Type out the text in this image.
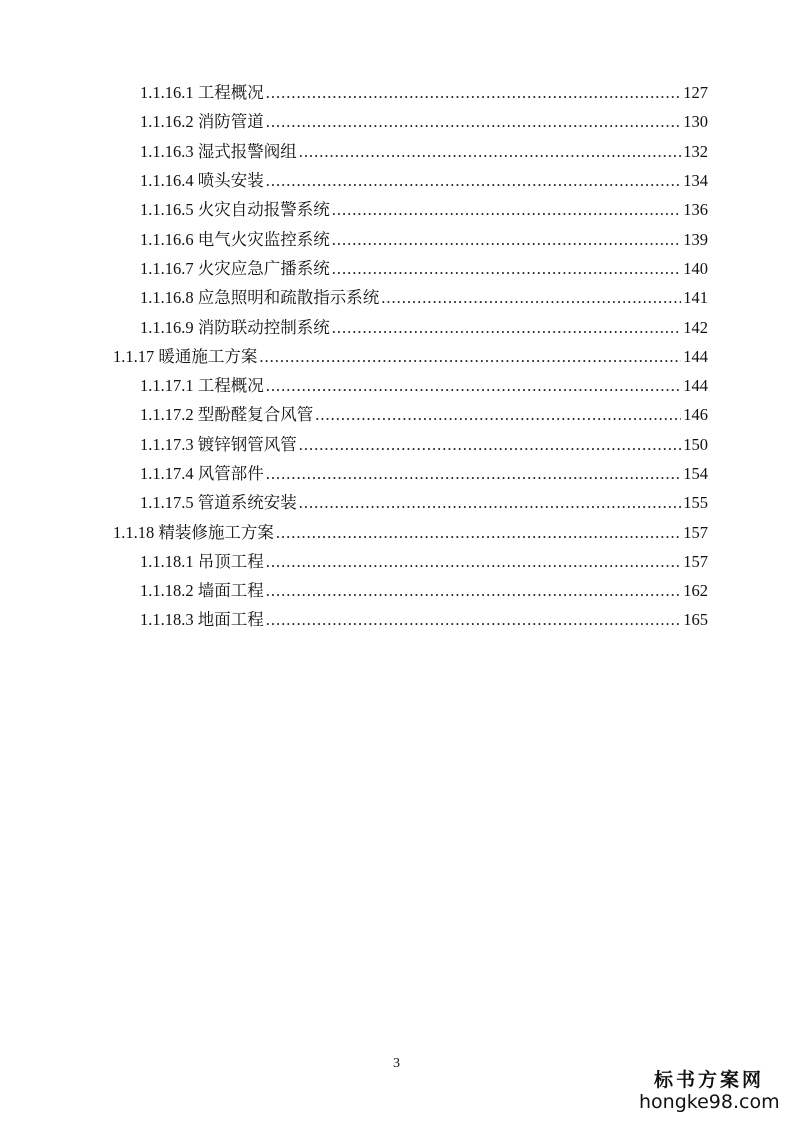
1.1.16.1 工程概况 .....	127
1.1.16.2 消防管道 .....	130
1.1.16.3 湿式报警阀组 .....	132
1.1.16.4 喷头安装 .....	134
1.1.16.5 火灾自动报警系统 .....	136
1.1.16.6 电气火灾监控系统 .....	139
1.1.16.7 火灾应急广播系统 .....	140
1.1.16.8 应急照明和疏散指示系统 .....	141
1.1.16.9 消防联动控制系统 .....	142
1.1.17 暖通施工方案 .....	144
1.1.17.1 工程概况 .....	144
1.1.17.2 型酚醛复合风管 .....	146
1.1.17.3 镀锌钢管风管 .....	150
1.1.17.4 风管部件 .....	154
1.1.17.5 管道系统安装 .....	155
1.1.18 精装修施工方案 .....	157
1.1.18.1 吊顶工程 .....	157
1.1.18.2 墙面工程 .....	162
1.1.18.3 地面工程 .....	165
3
标书方案网
hongke98.com
